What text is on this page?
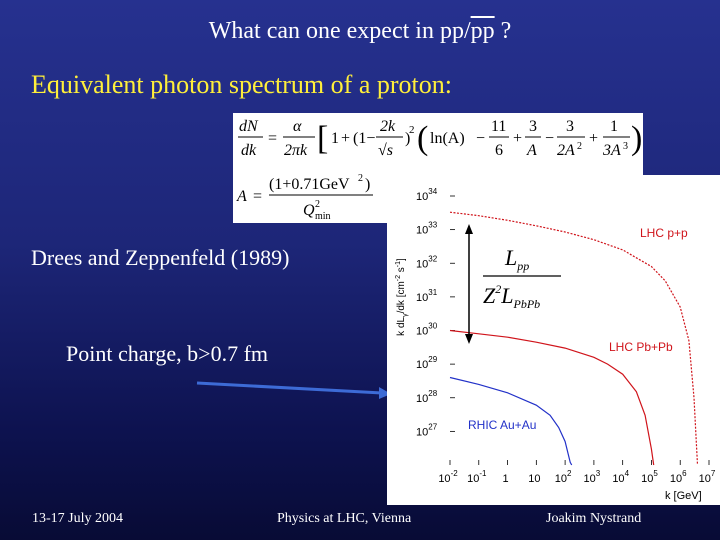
What can one expect in $pp/\overline{pp}$ ?
Equivalent photon spectrum of a proton:
dN
dk
=
α
2πk [ 1 + (1−
2k
√s
)
2 ( ln(A) −
11
6
+
3
A
−
3
2A 2 +
1
3A 3 )
A =
(1+0.71GeV 2 )
Q min
2
Drees and Zeppenfeld (1989)
Point charge, b>0.7 fm
$10^{34}$
$10^{33}$
$10^{32}$
$10^{31}$
$10^{30}$
$10^{29}$
$10^{28}$
$10^{27}$
$10^{-2}$ $10^{-1}$ 1 10 $10^2$ $10^3$ $10^4$ $10^5$ $10^6$ $10^7$
k $dL_\gamma/dk$ [$cm^{-2}$ $s^{-1}$]
k [GeV]
$L_{pp}$
$Z^2L_{PbPb}$
LHC p+p
LHC Pb+Pb
RHIC Au+Au
13-17 July 2004	Physics at LHC, Vienna	Joakim Nystrand
